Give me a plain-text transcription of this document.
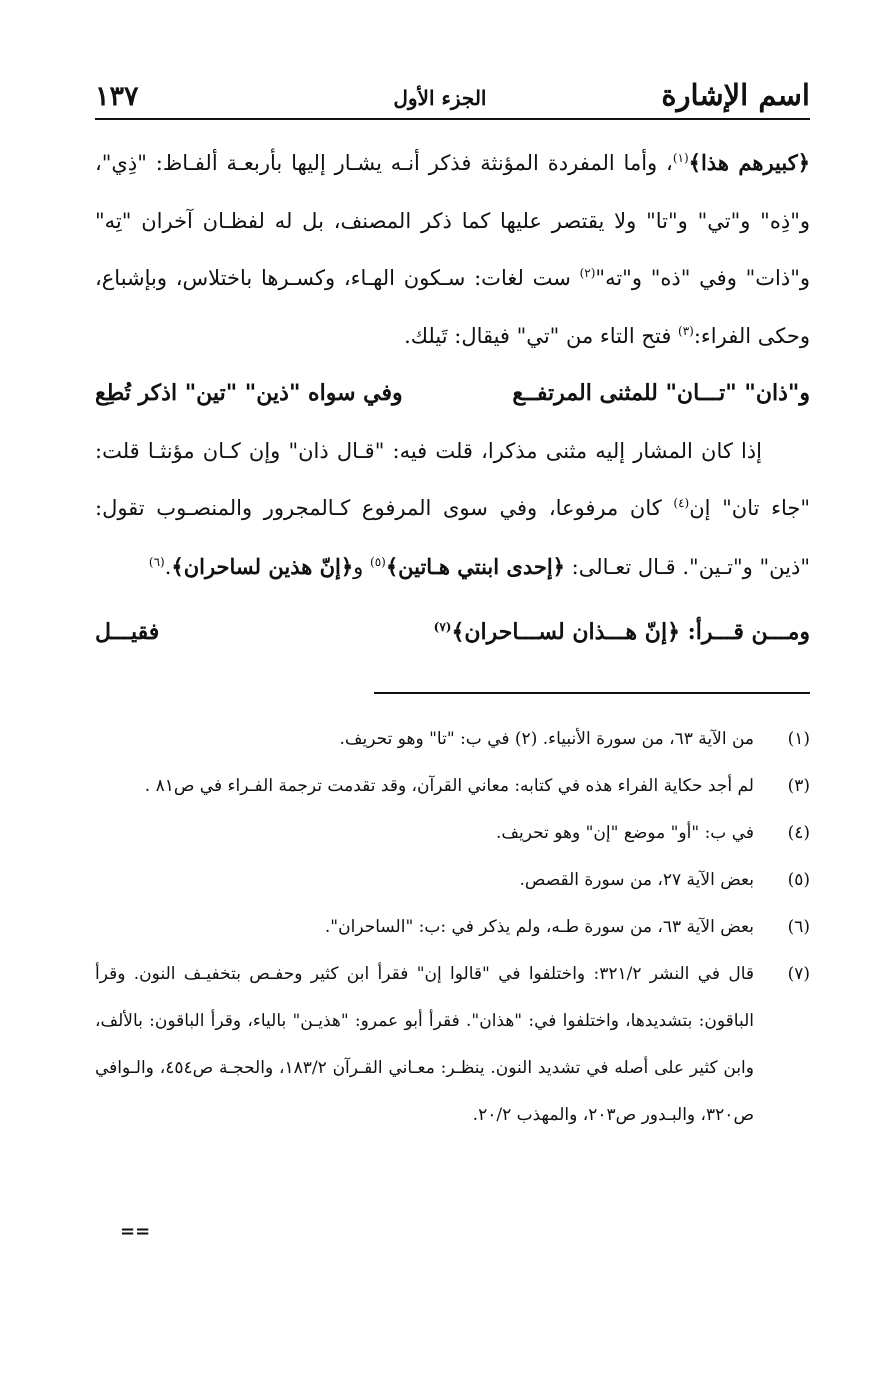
اسم الإشارة
الجزء الأول
١٣٧

﴿كبيرهم هذا﴾$^{(١)}$، وأما المفردة المؤنثة فذكر أنـه يشـار إليها بأربعـة ألفـاظ: "ذِي"، و"ذِه" و"تي" و"تا" ولا يقتصر عليها كما ذكر المصنف، بل له لفظـان آخران "تِه" و"ذات" وفي "ذه" و"ته"$^{(٢)}$ ست لغات: سـكون الهـاء، وكسـرها باختلاس، وبإشباع، وحكى الفراء:$^{(٣)}$ فتح التاء من "تي" فيقال: تَيلك.

و"ذان" "تـــان" للمثنى المرتفــع
وفي سواه "ذين" "تين" اذكر تُطِع

إذا كان المشار إليه مثنى مذكرا، قلت فيه: "قـال ذان" وإن كـان مؤنثـا قلت: "جاء تان" إن$^{(٤)}$ كان مرفوعا، وفي سوى المرفوع كـالمجرور والمنصـوب تقول: "ذين" و"تـين". قـال تعـالى: ﴿إحدى ابنتي هـاتين﴾$^{(٥)}$ و﴿إنّ هذين لساحران﴾.$^{(٦)}$

ومـــن قـــرأ: ﴿إنّ هـــذان لســـاحران﴾$^{(٧)}$
فقيـــل
(١)
من الآية ٦٣، من سورة الأنبياء. (٢) في ب: "تا" وهو تحريف.
(٣)
لم أجد حكاية الفراء هذه في كتابه: معاني القرآن، وقد تقدمت ترجمة الفـراء في ص٨١ .
(٤)
في ب: "أو" موضع "إن" وهو تحريف.
(٥)
بعض الآية ٢٧، من سورة القصص.
(٦)
بعض الآية ٦٣، من سورة طـه، ولم يذكر في :ب: "الساحران".
(٧)
قال في النشر ٣٢١/٢: واختلفوا في "قالوا إن" فقرأ ابن كثير وحفـص بتخفيـف النون. وقرأ الباقون: بتشديدها، واختلفوا في: "هذان". فقرأ أبو عمرو: "هذيـن" بالياء، وقرأ الباقون: بالألف، وابن كثير على أصله في تشديد النون. ينظـر: معـاني القـرآن ١٨٣/٢، والحجـة ص٤٥٤، والـوافي ص٣٢٠، والبـدور ص٢٠٣، والمهذب ٢٠/٢.
==
